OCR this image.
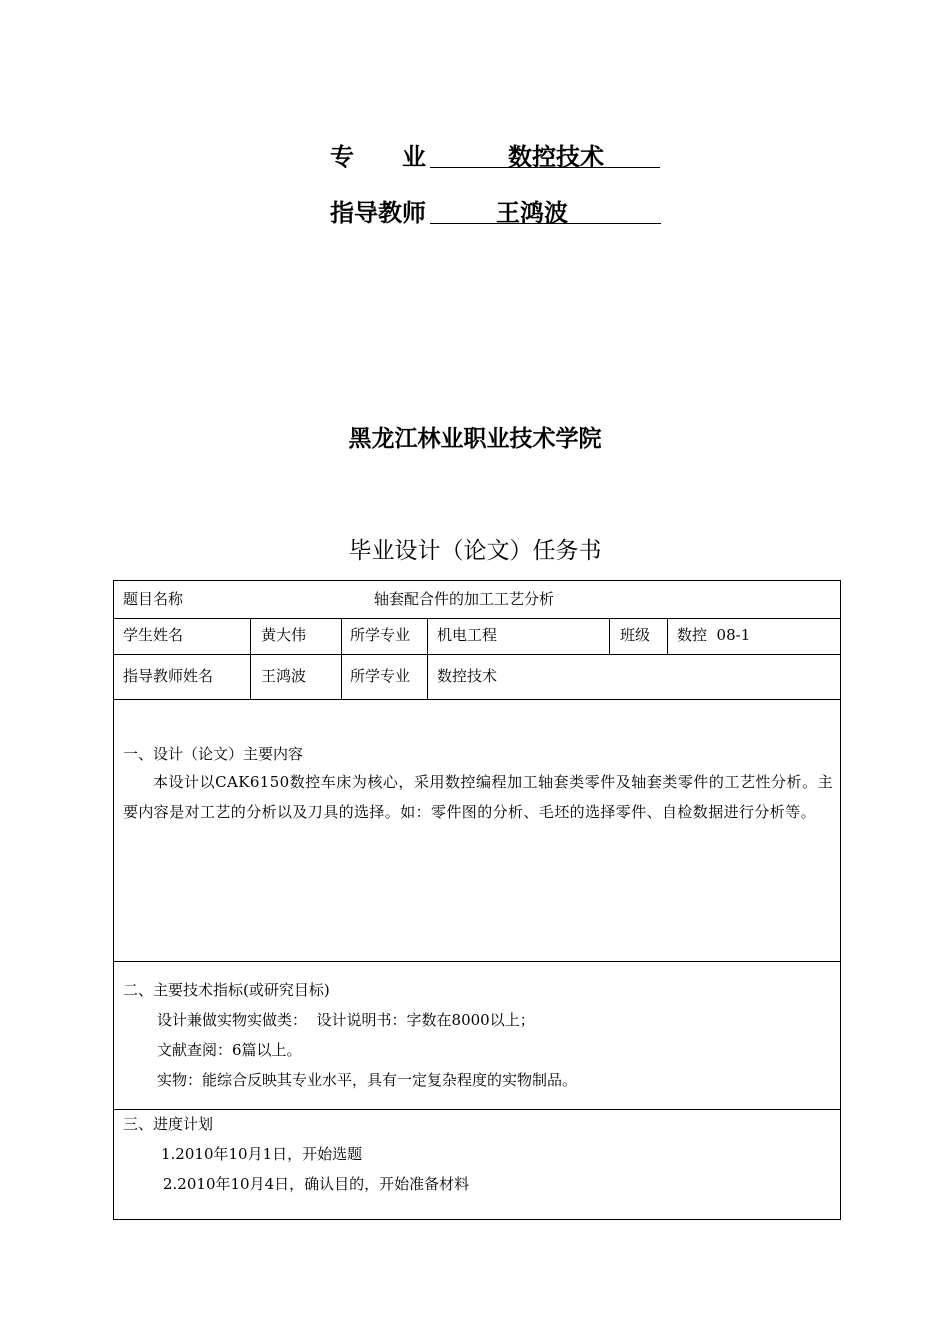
专　　业	数控技术
指导教师	王鸿波
黑龙江林业职业技术学院
毕业设计（论文）任务书
题目名称	轴套配合件的加工工艺分析
学生姓名	黄大伟	所学专业 机电工程	班级 数控  08-1
指导教师姓名	王鸿波	所学专业 数控技术
一、设计（论文）主要内容
本设计以CAK6150数控车床为核心，采用数控编程加工轴套类零件及轴套类零件的工艺性分析。主要内容是对工艺的分析以及刀具的选择。如：零件图的分析、毛坯的选择零件、自检数据进行分析等。
二、主要技术指标(或研究目标)
设计兼做实物实做类：  设计说明书：字数在8000以上；
文献查阅：6篇以上。
实物：能综合反映其专业水平，具有一定复杂程度的实物制品。
三、进度计划
1.2010年10月1日，开始选题
2.2010年10月4日，确认目的，开始准备材料
